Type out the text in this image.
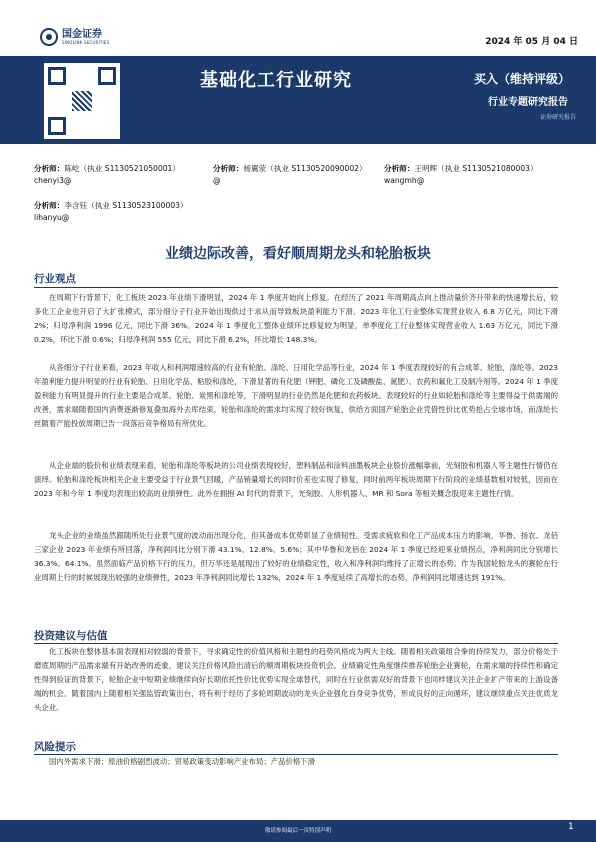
国金证券
SINOLINK SECURITIES	2024 年 05 月 04 日
基础化工行业研究	买入（维持评级）
行业专题研究报告
证券研究报告
分析师：陈屹（执业 S1130521050001）
chenyi3@
分析师：杨翼荥（执业 S1130520090002）
@
分析师：王明辉（执业 S1130521080003）
wangmh@
分析师：李含钰（执业 S1130523100003）
lihanyu@
业绩边际改善，看好顺周期龙头和轮胎板块
行业观点

在周期下行背景下，化工板块 2023 年业绩下滑明显，2024 年 1 季度开始向上修复。在经历了 2021 年周期高点向上推动量价齐升带来的快速增长后，较多化工企业也开启了大扩张模式，部分细分子行业开始出现供过于求从而导致板块盈利能力下滑。2023 年化工行业整体实现营业收入 6.8 万亿元，同比下滑 2%；归母净利润 1996 亿元，同比下滑 36%。2024 年 1 季度化工整体业绩环比修复较为明显，单季度化工行业整体实现营业收入 1.63 万亿元，同比下滑 0.2%，环比下滑 0.6%；归母净利润 555 亿元，同比下滑 6.2%，环比增长 148.3%。

从各细分子行业来看，2023 年收入和利润增速较高的行业有轮胎、涤纶、日用化学品等行业，2024 年 1 季度表现较好的有合成革、轮胎、涤纶等。2023 年盈利能力提升明显的行业有轮胎、日用化学品、粘胶和涤纶，下滑显著的有化肥（钾肥、磷化工及磷酸盐、氮肥）、农药和氟化工及制冷剂等。2024 年 1 季度盈利能力有明显提升的行业主要是合成革、轮胎、炭黑和涤纶等，下滑明显的行业仍然是化肥和农药板块。表现较好的行业如轮胎和涤纶等主要得益于供需端的改善，需求端随着国内消费逐渐修复叠加海外去库结束，轮胎和涤纶的需求均实现了较好恢复，供给方面国产轮胎企业凭借性价比优势抢占全球市场，而涤纶长丝随着产能投放周期已告一段落后竞争格局有所优化。

从企业端的股价和业绩表现来看，轮胎和涤纶等板块的公司业绩表现较好，塑料制品和涂料油墨板块企业股价涨幅靠前，光刻胶和机器人等主题性行情仍在演绎。轮胎和涤纶板块相关企业主要受益于行业景气回暖，产品销量增长的同时价差也实现了修复，同时前两年板块周期下行阶段的业绩基数相对较低，因而在 2023 年和今年 1 季度均表现出较高的业绩弹性。此外在拥抱 AI 时代的背景下，光刻胶、人形机器人、MR 和 Sora 等相关概念股迎来主题性行情。

龙头企业的业绩虽然跟随所处行业景气度的波动而出现分化，但其备成本优势彰显了业绩韧性。受需求疲软和化工产品成本压力的影响，华鲁、扬农、龙佰三家企业 2023 年业绩有所回落，净利润同比分别下滑 43.1%、12.8%、5.6%；其中华鲁和龙佰在 2024 年 1 季度已经迎来业绩拐点，净利润同比分别增长 36.3%、64.1%。虽然面临产品价格下行的压力，但万华还是展现出了较好的业绩稳定性，收入和净利润均维持了正增长的态势。作为我国轮胎龙头的赛轮在行业周期上行的时候展现出较强的业绩弹性，2023 年净利润同比增长 132%，2024 年 1 季度延续了高增长的态势，净利润同比增速达到 191%。

投资建议与估值

化工板块在整体基本面表现相对较弱的背景下，寻求确定性的价值风格和主题性的趋势风格成为两大主线。随着相关政策组合拳的持续发力，部分价格处于磨底周期的产品需求端有开始改善的迹象，建议关注价格风险出清后的顺周期板块投资机会。业绩确定性角度继续推荐轮胎企业赛轮，在需求端的持续性和确定性得到验证的背景下，轮胎企业中短期业绩继续向好长期依托性价比优势实现全球替代，同时在行业供需双好的背景下也同样建议关注企业扩产带来的上游设备端的机会。随着国内上随着相关强监管政策出台，将有利于经历了多轮周期波动的龙头企业强化自身竞争优势，形成良好的正向循环，建议继续重点关注优质龙头企业。

风险提示

国内外需求下滑；原油价格剧烈波动；贸易政策变动影响产业布局；产品价格下滑

敬请参阅最后一页特别声明	1
